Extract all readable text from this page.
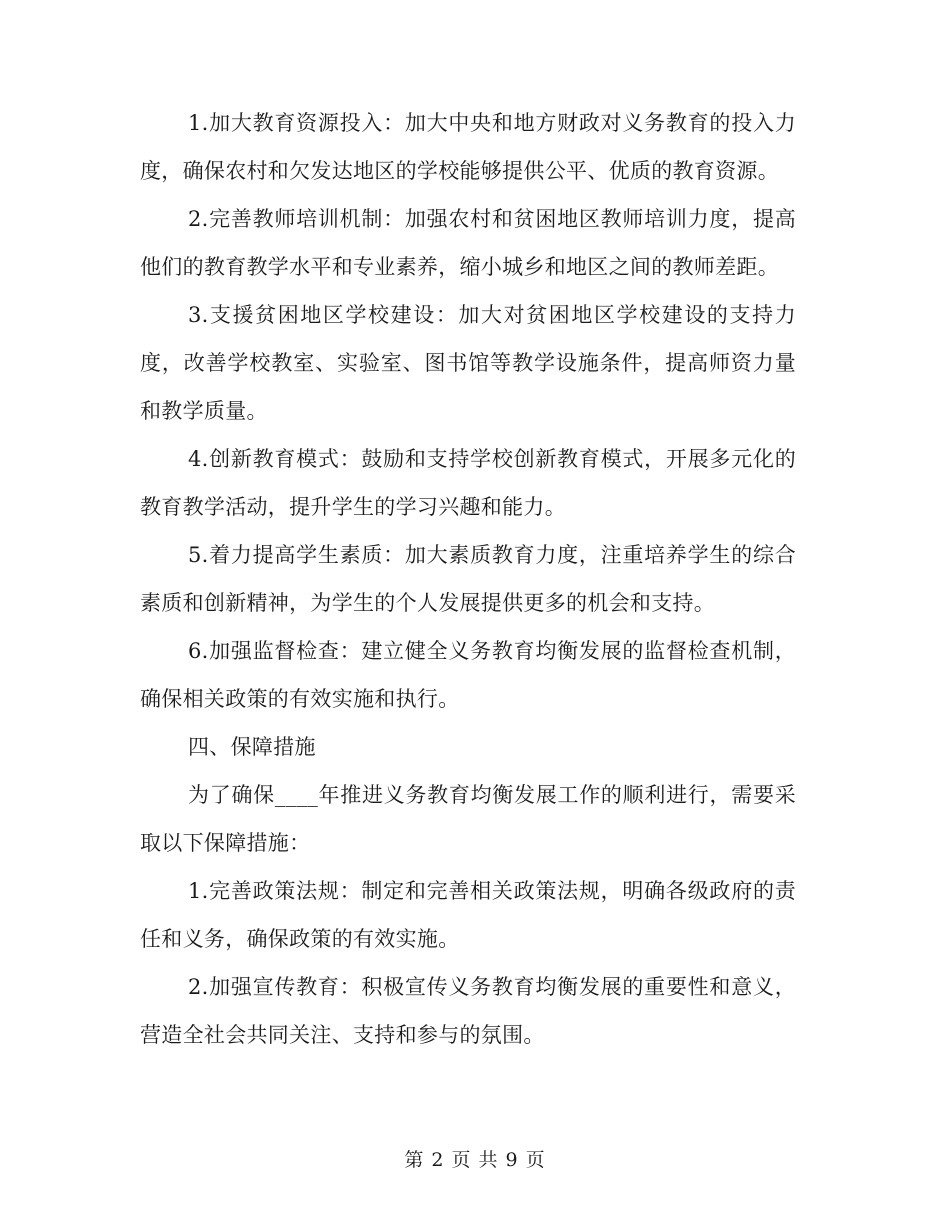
1.加大教育资源投入：加大中央和地方财政对义务教育的投入力度，确保农村和欠发达地区的学校能够提供公平、优质的教育资源。

2.完善教师培训机制：加强农村和贫困地区教师培训力度，提高他们的教育教学水平和专业素养，缩小城乡和地区之间的教师差距。

3.支援贫困地区学校建设：加大对贫困地区学校建设的支持力度，改善学校教室、实验室、图书馆等教学设施条件，提高师资力量和教学质量。

4.创新教育模式：鼓励和支持学校创新教育模式，开展多元化的教育教学活动，提升学生的学习兴趣和能力。

5.着力提高学生素质：加大素质教育力度，注重培养学生的综合素质和创新精神，为学生的个人发展提供更多的机会和支持。

6.加强监督检查：建立健全义务教育均衡发展的监督检查机制，确保相关政策的有效实施和执行。

四、保障措施

为了确保____年推进义务教育均衡发展工作的顺利进行，需要采取以下保障措施：

1.完善政策法规：制定和完善相关政策法规，明确各级政府的责任和义务，确保政策的有效实施。

2.加强宣传教育：积极宣传义务教育均衡发展的重要性和意义，营造全社会共同关注、支持和参与的氛围。

第 2 页 共 9 页
